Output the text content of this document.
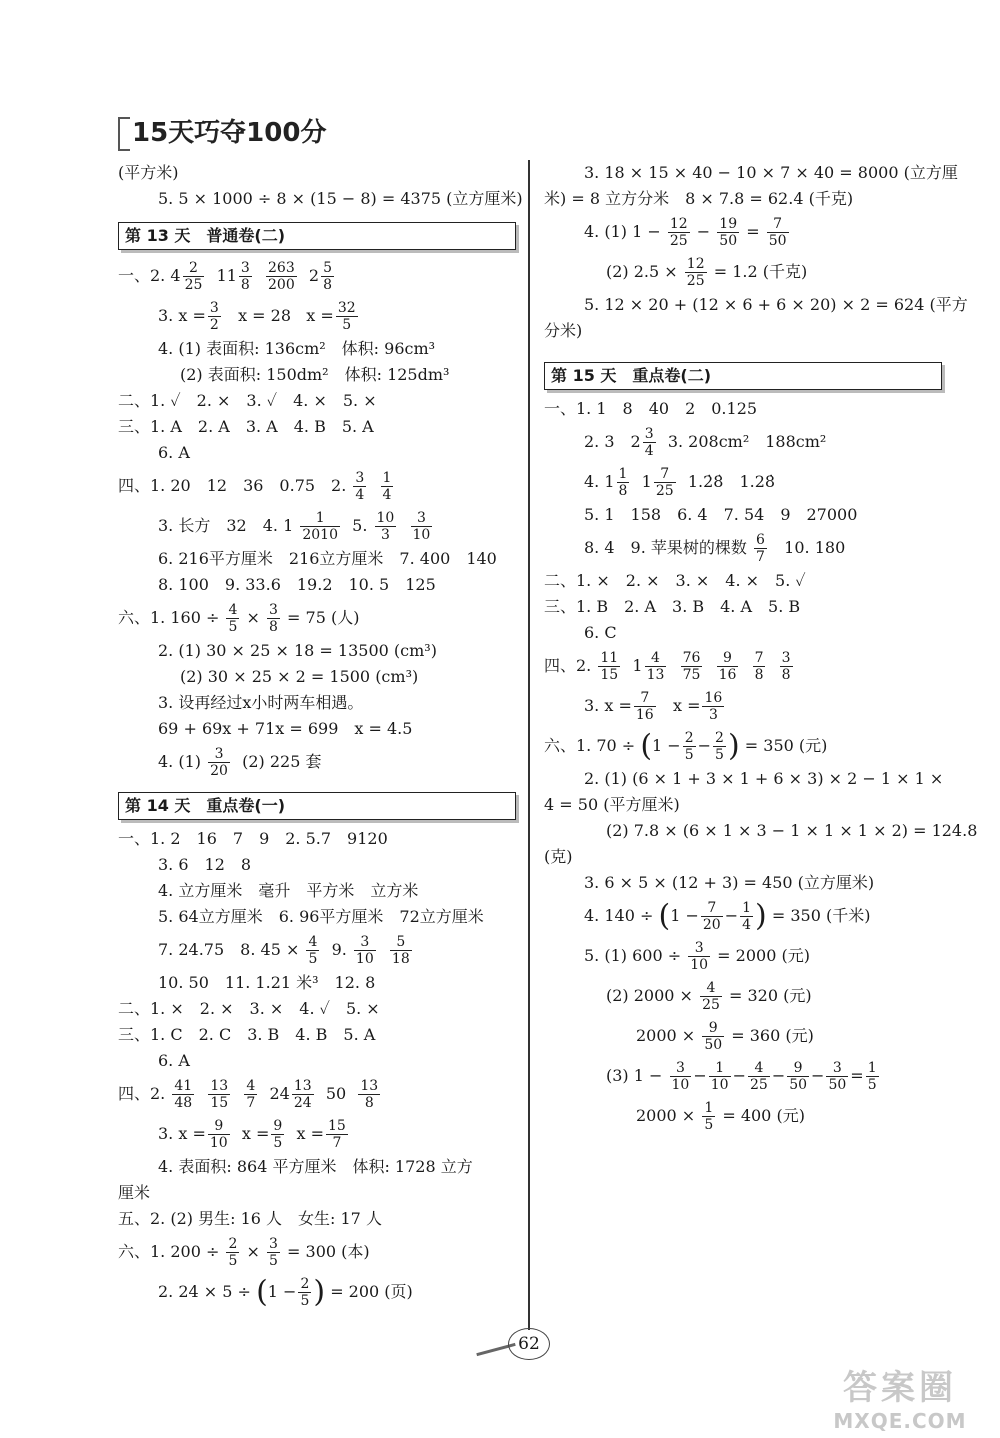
15天巧夺100分
(平方米)
5. 5 × 1000 ÷ 8 × (15 − 8) = 4375 (立方厘米)
第 13 天　普通卷(二)
一、2. $4 \frac{2}{25} 11 \frac{3}{8}$
$\frac{263}{200} 2 \frac{5}{8}$
3. $x = \frac{3}{2}$ x = 28 $x = \frac{32}{5}$
4. (1) 表面积: 136cm²　体积: 96cm³
(2) 表面积: 150dm²　体积: 125dm³
二、1. ✓　2. ×　3. ✓　4. ×　5. ×
三、1. A　2. A　3. A　4. B　5. A
6. A
四、1. 20　12　36　0.75　2. $\frac{3}{4}$
$\frac{1}{4}$
3. 长方　32　4. $1 \frac{1}{2010} 5$. $\frac{10}{3}$
$\frac{3}{10}$
6. 216平方厘米　216立方厘米　7. 400　140
8. 100　9. 33.6　19.2　10. 5　125
六、1. $160 \div \frac{4}{5} \times \frac{3}{8} = 75$ (人)
2. (1) 30 × 25 × 18 = 13500 (cm³)
(2) 30 × 25 × 2 = 1500 (cm³)
3. 设再经过x小时两车相遇。
69 + 69x + 71x = 699　x = 4.5
4. $(1) \frac{3}{20} (2)$ 225 套
第 14 天　重点卷(一)
一、1. 2　16　7　9　2. 5.7　9120
3. 6　12　8
4. 立方厘米　毫升　平方米　立方米
5. 64立方厘米　6. 96平方厘米　72立方厘米
7. 24.75　8. $45 \times \frac{4}{5} 9$. $\frac{3}{10}$
$\frac{5}{18}$
10. 50　11. 1.21 米³　12. 8
二、1. ×　2. ×　3. ×　4. ✓　5. ×
三、1. C　2. C　3. B　4. B　5. A
6. A
四、2. $\frac{41}{48}$
$\frac{13}{15}$
$\frac{4}{7} 24 \frac{13}{24} 50 \frac{13}{8}$
3. $x = \frac{9}{10}$ $x = \frac{9}{5}$ $x = \frac{15}{7}$
4. 表面积: 864 平方厘米　体积: 1728 立方
厘米
五、2. (2) 男生: 16 人　女生: 17 人
六、1. $200 \div \frac{2}{5} \times \frac{3}{5} = 300$ (本)
2. $24 \times 5 \div (1 - \frac{2}{5}$ ) = 200 (页)
3. 18 × 15 × 40 − 10 × 7 × 40 = 8000 (立方厘
米) = 8 立方分米　8 × 7.8 = 62.4 (千克)
4. (1) $1 - \frac{12}{25} - \frac{19}{50} = \frac{7}{50}$
(2) $2.5 \times \frac{12}{25} = 1.2$ (千克)
5. 12 × 20 + (12 × 6 + 6 × 20) × 2 = 624 (平方
分米)
第 15 天　重点卷(二)
一、1. 1　8　40　2　0.125
2. 3　$2 \frac{3}{4} 3$. 208cm²　188cm²
4. $1 \frac{1}{8} 1 \frac{7}{25}$ 1.2̇8̇　1.28̇
5. 1　158　6. 4　7. 54　9　27000
8. 4　9. 苹果树的棵数 $\frac{6}{7} 10$. 180
二、1. ×　2. ×　3. ×　4. ×　5. ✓
三、1. B　2. A　3. B　4. A　5. B
6. C
四、2. $\frac{11}{15} 1 \frac{4}{13}$
$\frac{76}{75}$
$\frac{9}{16}$
$\frac{7}{8}$
$\frac{3}{8}$
3. $x = \frac{7}{16}$ $x = \frac{16}{3}$
六、1. $70 \div (1 - \frac{2}{5} - \frac{2}{5}$ ) = 350 (元)
2. (1) (6 × 1 + 3 × 1 + 6 × 3) × 2 − 1 × 1 ×
4 = 50 (平方厘米)
(2) 7.8 × (6 × 1 × 3 − 1 × 1 × 1 × 2) = 124.8
(克)
3. 6 × 5 × (12 + 3) = 450 (立方厘米)
4. $140 \div (1 - \frac{7}{20} - \frac{1}{4}$ ) = 350 (千米)
5. (1) $600 \div \frac{3}{10} = 2000$ (元)
(2) $2000 \times \frac{4}{25} = 320$ (元)
$2000 \times \frac{9}{50} = 360$ (元)
(3) $1 - \frac{3}{10} - \frac{1}{10} - \frac{4}{25} - \frac{9}{50} - \frac{3}{50} = \frac{1}{5}$
$2000 \times \frac{1}{5} = 400$ (元)
62
答案圈
MXQE.COM
